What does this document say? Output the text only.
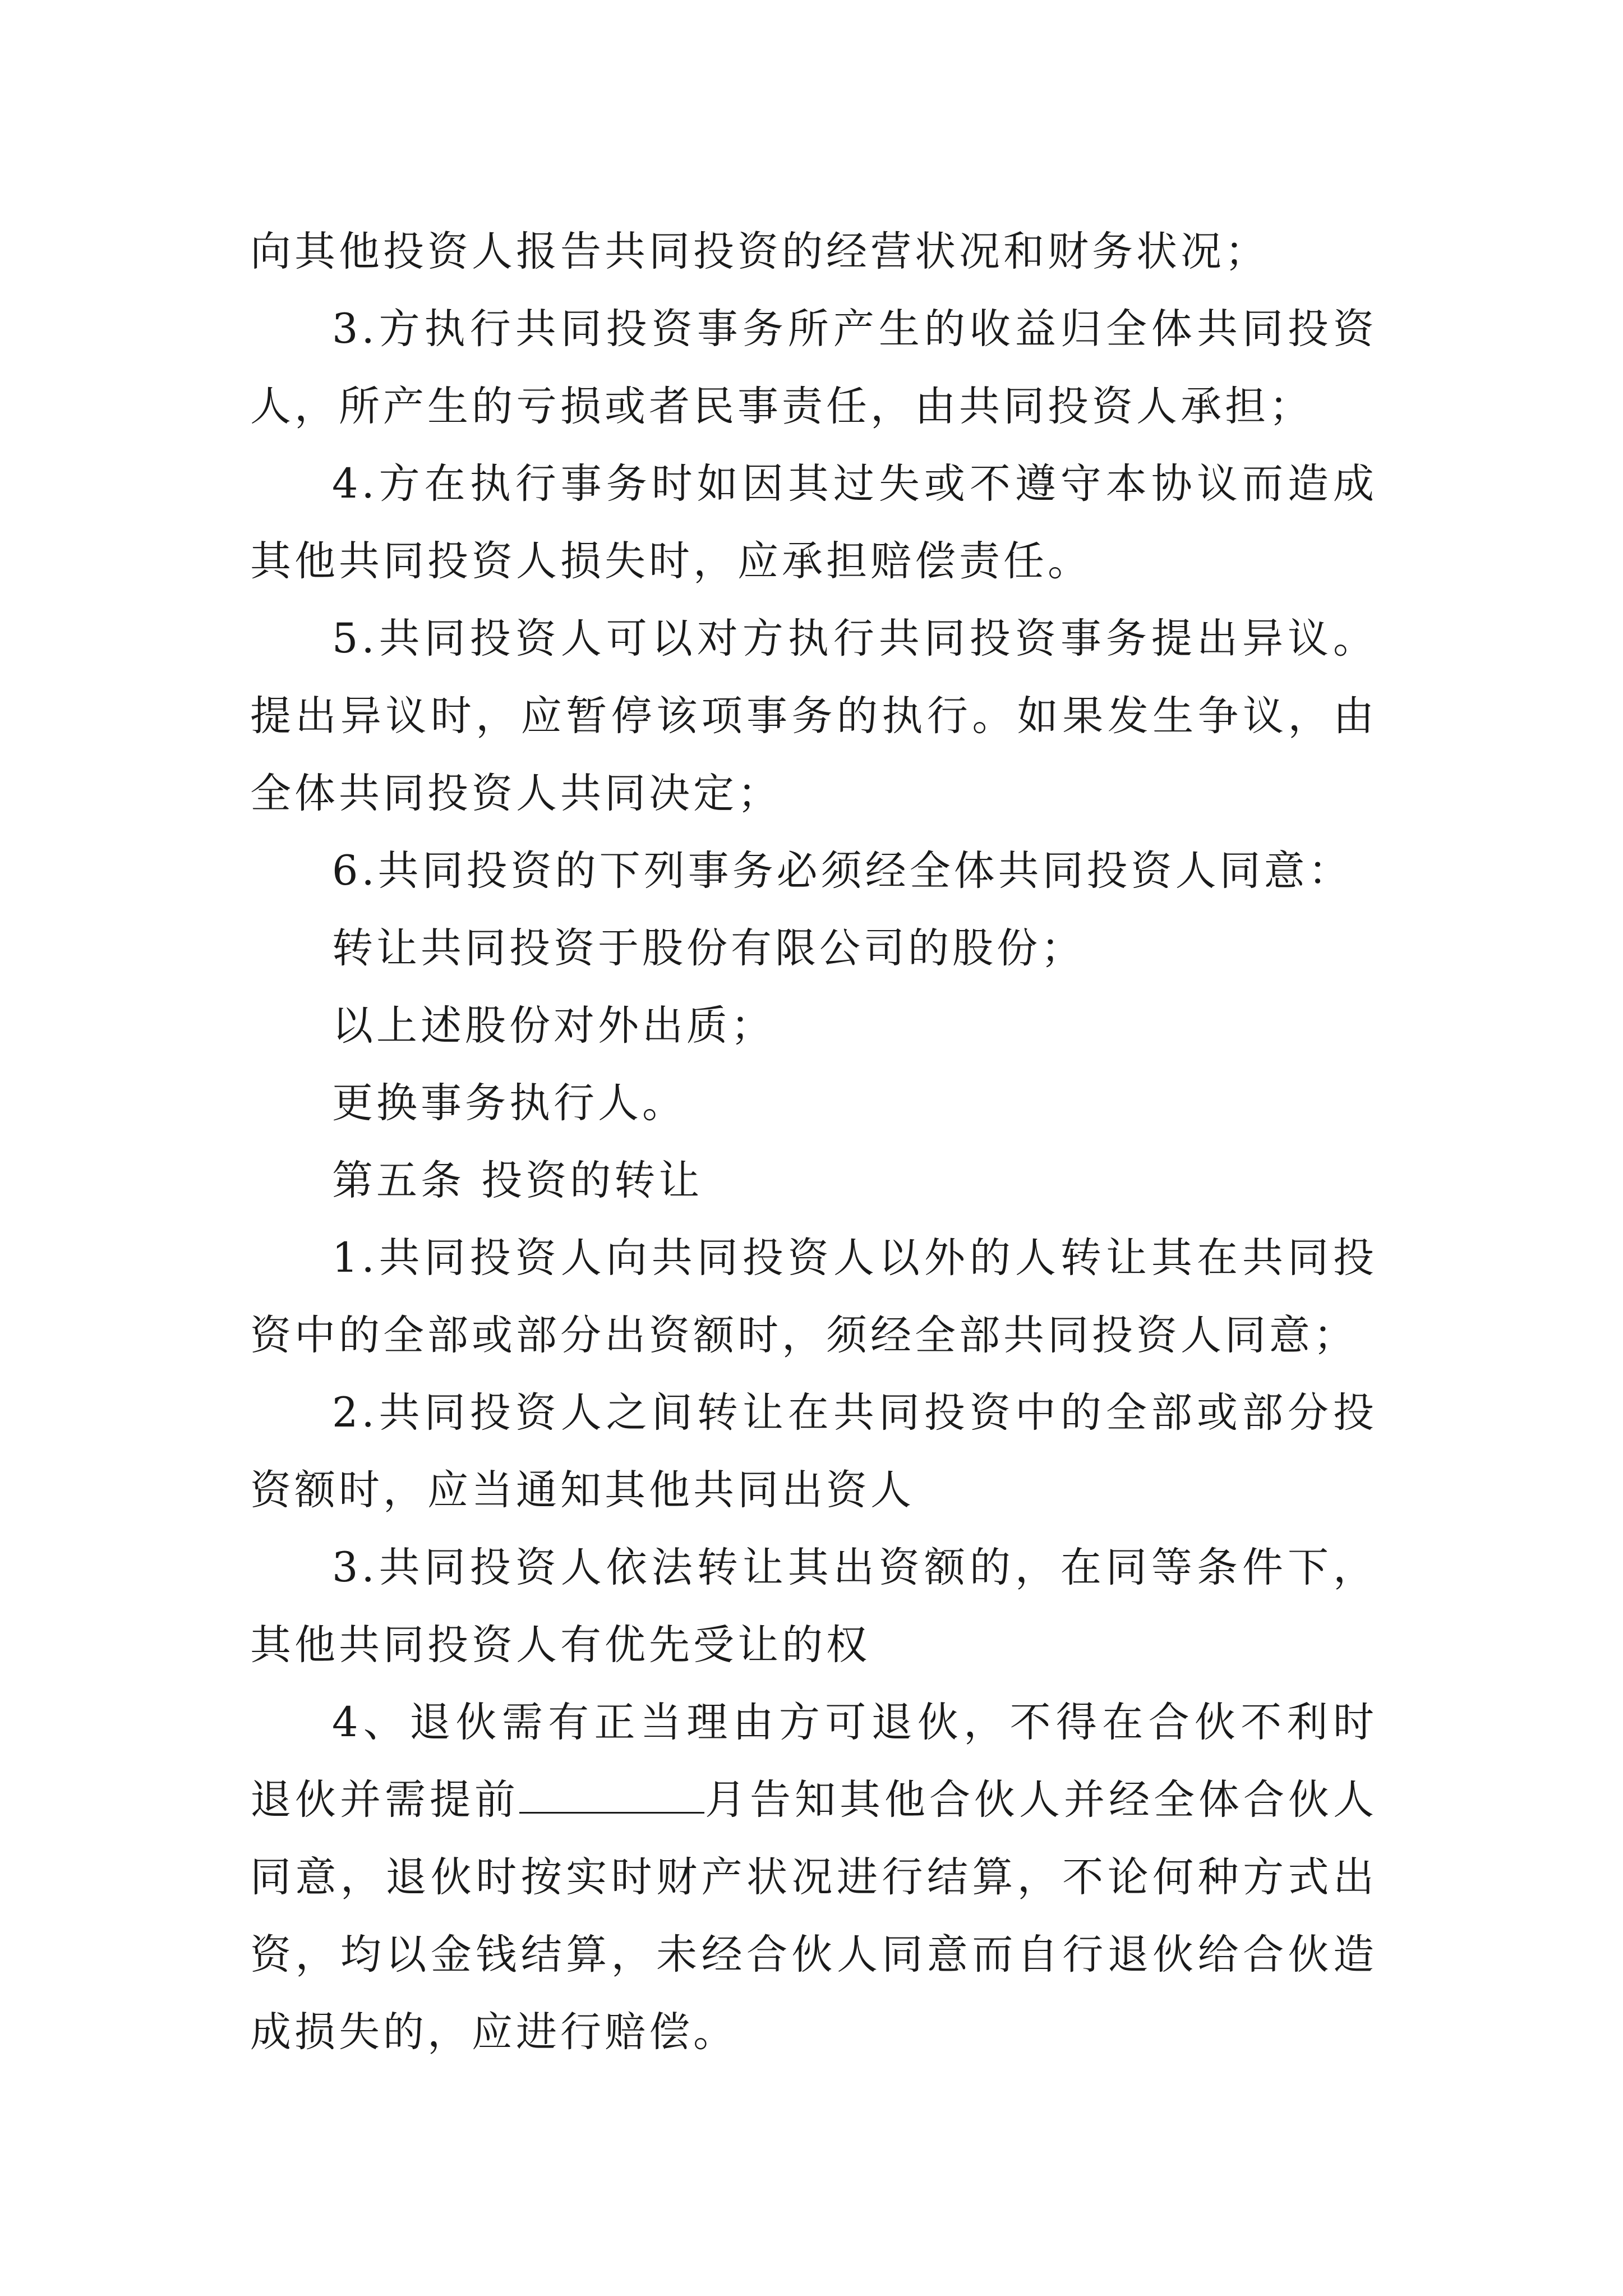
向其他投资人报告共同投资的经营状况和财务状况；

3.方执行共同投资事务所产生的收益归全体共同投资人，所产生的亏损或者民事责任，由共同投资人承担；

4.方在执行事务时如因其过失或不遵守本协议而造成其他共同投资人损失时，应承担赔偿责任。

5.共同投资人可以对方执行共同投资事务提出异议。提出异议时，应暂停该项事务的执行。如果发生争议，由全体共同投资人共同决定；

6.共同投资的下列事务必须经全体共同投资人同意：

转让共同投资于股份有限公司的股份；

以上述股份对外出质；

更换事务执行人。

第五条 投资的转让

1.共同投资人向共同投资人以外的人转让其在共同投资中的全部或部分出资额时，须经全部共同投资人同意；

2.共同投资人之间转让在共同投资中的全部或部分投资额时，应当通知其他共同出资人

3.共同投资人依法转让其出资额的，在同等条件下，其他共同投资人有优先受让的权

4、退伙需有正当理由方可退伙，不得在合伙不利时退伙并需提前	月告知其他合伙人并经全体合伙人同意，退伙时按实时财产状况进行结算，不论何种方式出资，均以金钱结算，未经合伙人同意而自行退伙给合伙造成损失的，应进行赔偿。
